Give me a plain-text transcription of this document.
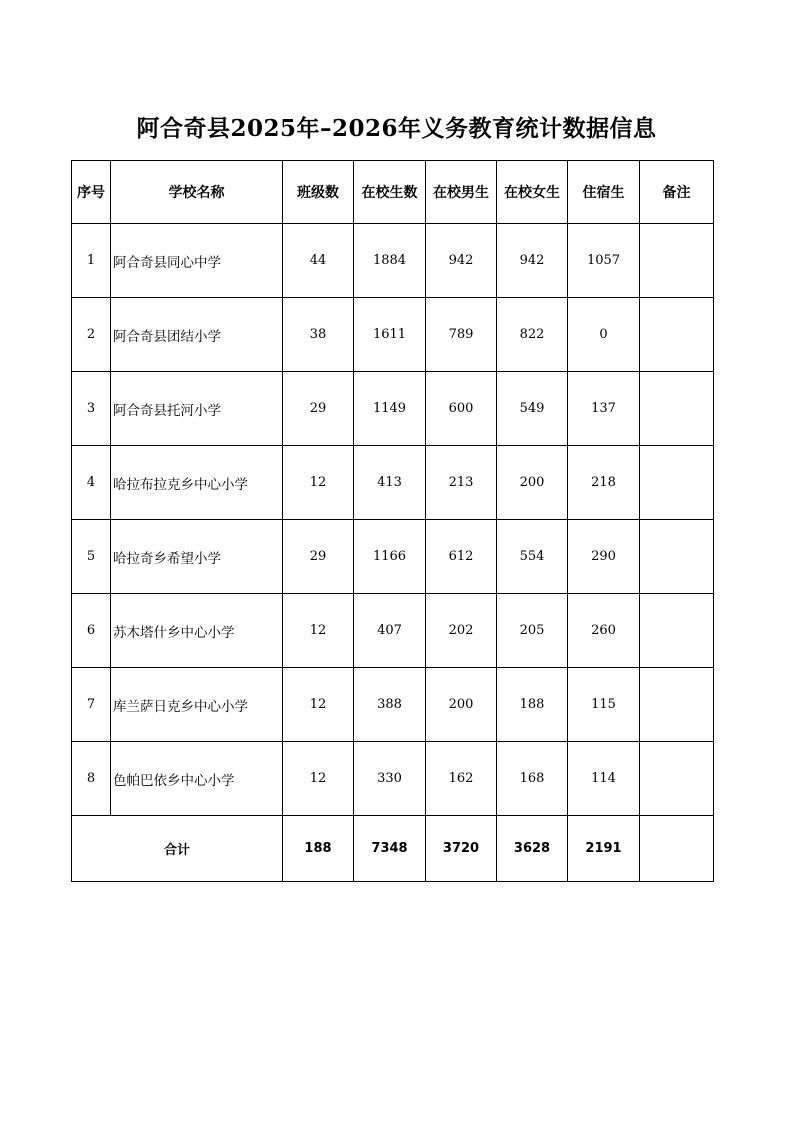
阿合奇县2025年–2026年义务教育统计数据信息
序号	学校名称	班级数	在校生数	在校男生	在校女生	住宿生	备注
1	阿合奇县同心中学	44	1884	942	942	1057	
2	阿合奇县团结小学	38	1611	789	822	0	
3	阿合奇县托河小学	29	1149	600	549	137	
4	哈拉布拉克乡中心小学	12	413	213	200	218	
5	哈拉奇乡希望小学	29	1166	612	554	290	
6	苏木塔什乡中心小学	12	407	202	205	260	
7	库兰萨日克乡中心小学	12	388	200	188	115	
8	色帕巴依乡中心小学	12	330	162	168	114	
合计		188	7348	3720	3628	2191	
